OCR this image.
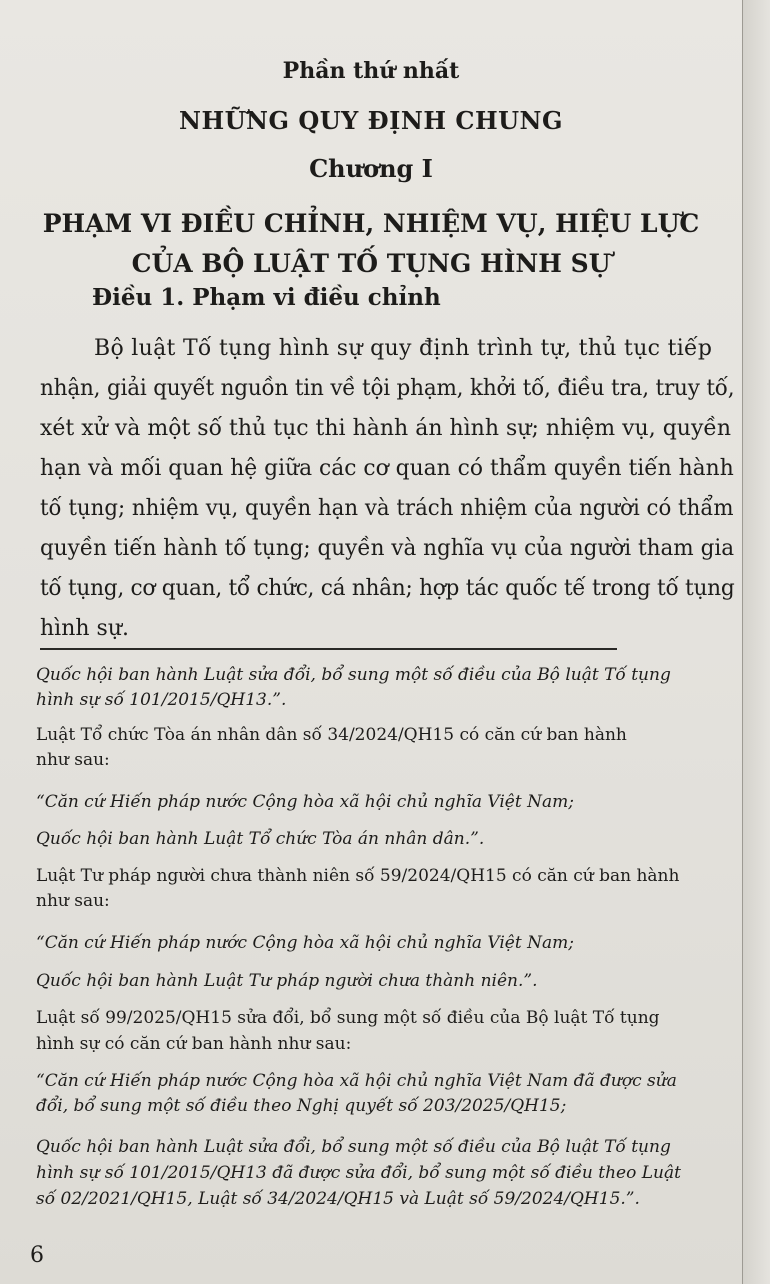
Phần thứ nhất

NHỮNG QUY ĐỊNH CHUNG

Chương I

PHẠM VI ĐIỀU CHỈNH, NHIỆM VỤ, HIỆU LỰC
CỦA BỘ LUẬT TỐ TỤNG HÌNH SỰ

Điều 1. Phạm vi điều chỉnh

Bộ luật Tố tụng hình sự quy định trình tự, thủ tục tiếp

nhận, giải quyết nguồn tin về tội phạm, khởi tố, điều tra, truy tố,

xét xử và một số thủ tục thi hành án hình sự; nhiệm vụ, quyền

hạn và mối quan hệ giữa các cơ quan có thẩm quyền tiến hành

tố tụng; nhiệm vụ, quyền hạn và trách nhiệm của người có thẩm

quyền tiến hành tố tụng; quyền và nghĩa vụ của người tham gia

tố tụng, cơ quan, tổ chức, cá nhân; hợp tác quốc tế trong tố tụng

hình sự.

Quốc hội ban hành Luật sửa đổi, bổ sung một số điều của Bộ luật Tố tụng

hình sự số 101/2015/QH13.”.

Luật Tổ chức Tòa án nhân dân số 34/2024/QH15 có căn cứ ban hành

như sau:

“Căn cứ Hiến pháp nước Cộng hòa xã hội chủ nghĩa Việt Nam;

Quốc hội ban hành Luật Tổ chức Tòa án nhân dân.”.

Luật Tư pháp người chưa thành niên số 59/2024/QH15 có căn cứ ban hành

như sau:

“Căn cứ Hiến pháp nước Cộng hòa xã hội chủ nghĩa Việt Nam;

Quốc hội ban hành Luật Tư pháp người chưa thành niên.”.

Luật số 99/2025/QH15 sửa đổi, bổ sung một số điều của Bộ luật Tố tụng

hình sự có căn cứ ban hành như sau:

“Căn cứ Hiến pháp nước Cộng hòa xã hội chủ nghĩa Việt Nam đã được sửa

đổi, bổ sung một số điều theo Nghị quyết số 203/2025/QH15;

Quốc hội ban hành Luật sửa đổi, bổ sung một số điều của Bộ luật Tố tụng

hình sự số 101/2015/QH13 đã được sửa đổi, bổ sung một số điều theo Luật

số 02/2021/QH15, Luật số 34/2024/QH15 và Luật số 59/2024/QH15.”.

6
